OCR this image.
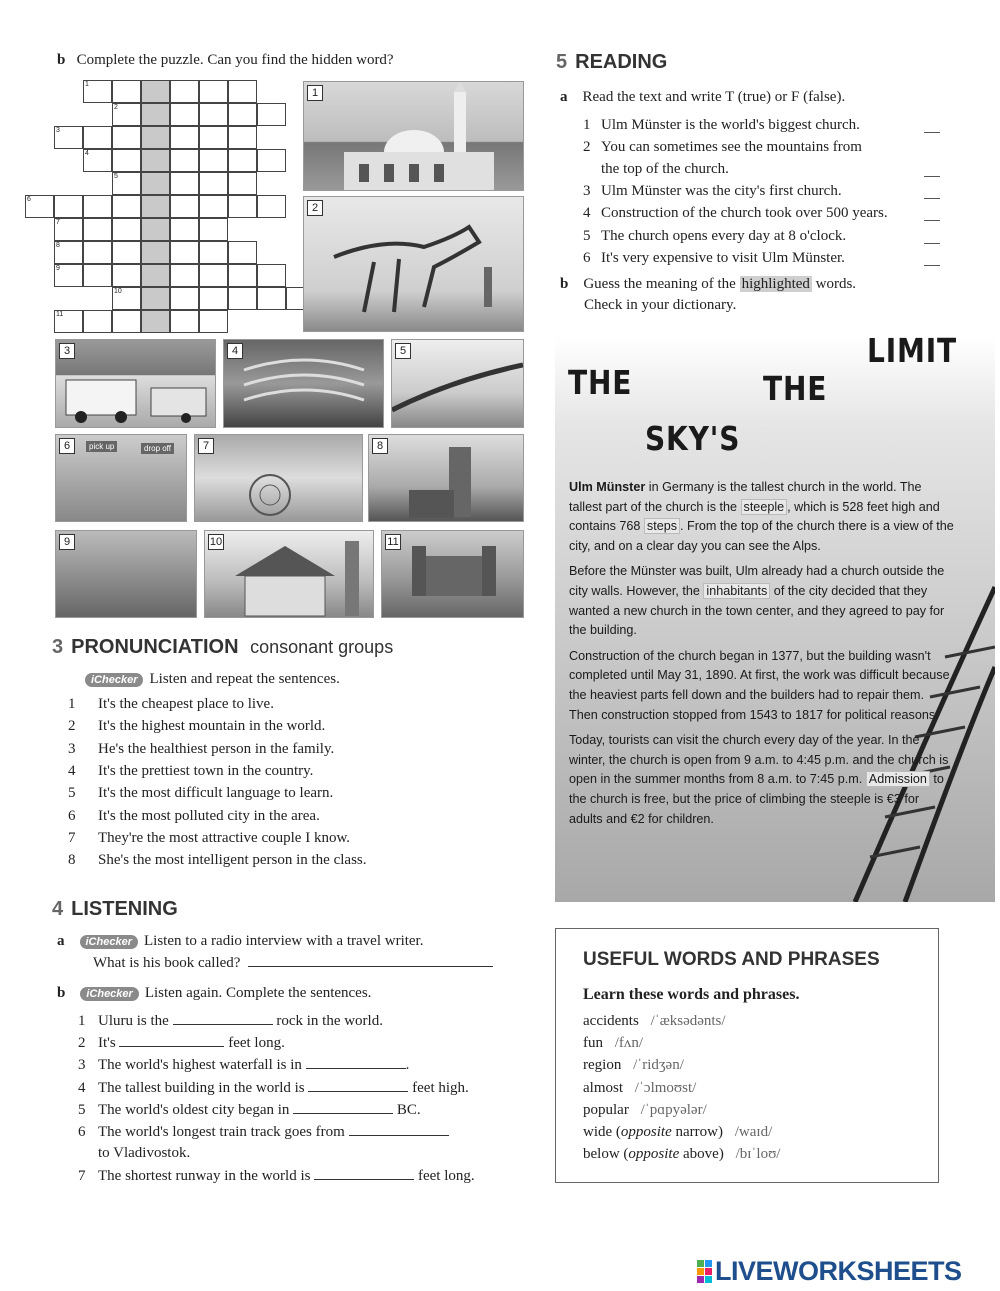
b Complete the puzzle. Can you find the hidden word?
1
2
3
4
5
6
7
8
9
10
11
1
2
3	4	5
6	pick up	drop off	7	8
9	10	11
3 PRONUNCIATION consonant groups
iChecker Listen and repeat the sentences.
1 It's the cheapest place to live.
2 It's the highest mountain in the world.
3 He's the healthiest person in the family.
4 It's the prettiest town in the country.
5 It's the most difficult language to learn.
6 It's the most polluted city in the area.
7 They're the most attractive couple I know.
8 She's the most intelligent person in the class.
4 LISTENING
a iChecker Listen to a radio interview with a travel writer.
What is his book called?
b iChecker Listen again. Complete the sentences.
1 Uluru is the	rock in the world.
2 It's	feet long.
3 The world's highest waterfall is in	.
4 The tallest building in the world is	feet high.
5 The world's oldest city began in	BC.
6 The world's longest train track goes from
to Vladivostok.
7 The shortest runway in the world is	feet long.
5 READING
a Read the text and write T (true) or F (false).
1 Ulm Münster is the world's biggest church.
the top of the church.
2 You can sometimes see the mountains from
3 Ulm Münster was the city's first church.
4 Construction of the church took over 500 years.
5 The church opens every day at 8 o'clock.
6 It's very expensive to visit Ulm Münster.
b Guess the meaning of the highlighted words.
Check in your dictionary.
THE
SKY'S
THE
LIMIT

Ulm Münster in Germany is the tallest church in the world. The tallest part of the church is the steeple , which is 528 feet high and contains 768 steps . From the top of the church there is a view of the city, and on a clear day you can see the Alps.

Before the Münster was built, Ulm already had a church outside the city walls. However, the inhabitants of the city decided that they wanted a new church in the town center, and they agreed to pay for the building.

Construction of the church began in 1377, but the building wasn't completed until May 31, 1890. At first, the work was difficult because the heaviest parts fell down and the builders had to repair them. Then construction stopped from 1543 to 1817 for political reasons.

Today, tourists can visit the church every day of the year. In the winter, the church is open from 9 a.m. to 4:45 p.m. and the church is open in the summer months from 8 a.m. to 7:45 p.m. Admission to the church is free, but the price of climbing the steeple is €3 for adults and €2 for children.

USEFUL WORDS AND PHRASES
Learn these words and phrases.
accidents /ˈæksədənts/
fun /fʌn/
region /ˈridʒən/
almost /ˈɔlmoʊst/
popular /ˈpɑpyələr/
wide (opposite narrow) /waɪd/
below (opposite above) /bɪˈloʊ/
LIVEWORKSHEETS
